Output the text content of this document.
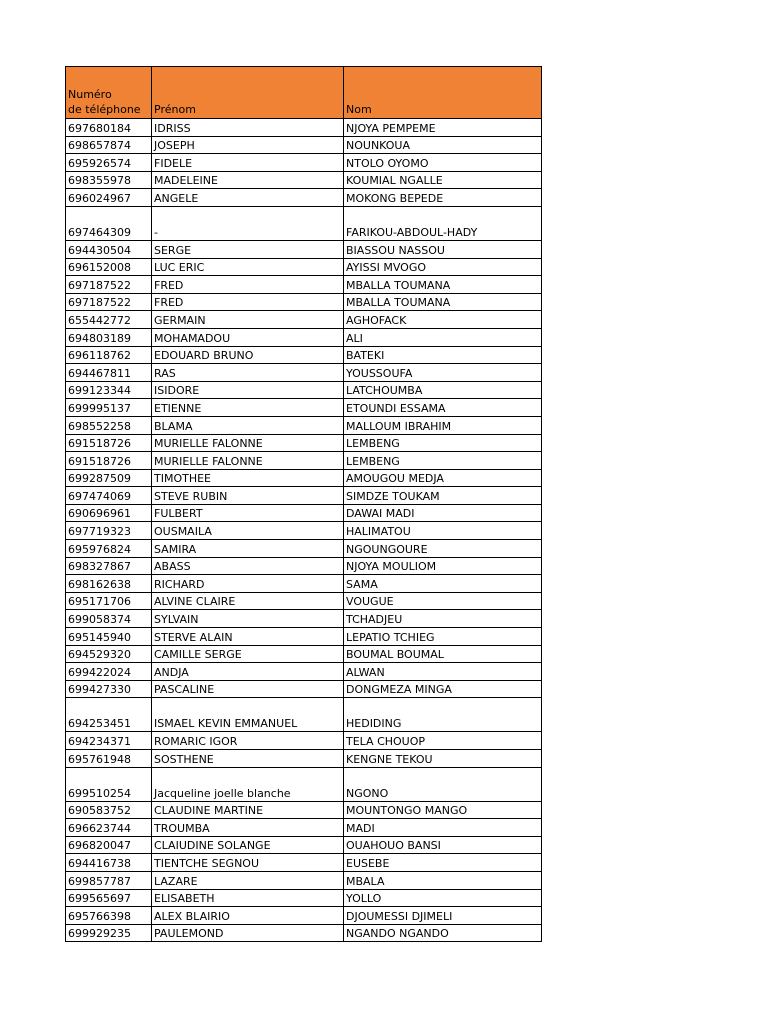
Numéro
de téléphone	Prénom	Nom
697680184	IDRISS	NJOYA PEMPEME
698657874	JOSEPH	NOUNKOUA
695926574	FIDELE	NTOLO OYOMO
698355978	MADELEINE	KOUMIAL NGALLE
696024967	ANGELE	MOKONG BEPEDE
697464309	-	FARIKOU-ABDOUL-HADY
694430504	SERGE	BIASSOU NASSOU
696152008	LUC ERIC	AYISSI MVOGO
697187522	FRED	MBALLA TOUMANA
697187522	FRED	MBALLA TOUMANA
655442772	GERMAIN	AGHOFACK
694803189	MOHAMADOU	ALI
696118762	EDOUARD BRUNO	BATEKI
694467811	RAS	YOUSSOUFA
699123344	ISIDORE	LATCHOUMBA
699995137	ETIENNE	ETOUNDI ESSAMA
698552258	BLAMA	MALLOUM IBRAHIM
691518726	MURIELLE FALONNE	LEMBENG
691518726	MURIELLE FALONNE	LEMBENG
699287509	TIMOTHEE	AMOUGOU MEDJA
697474069	STEVE RUBIN	SIMDZE TOUKAM
690696961	FULBERT	DAWAI MADI
697719323	OUSMAILA	HALIMATOU
695976824	SAMIRA	NGOUNGOURE
698327867	ABASS	NJOYA MOULIOM
698162638	RICHARD	SAMA
695171706	ALVINE CLAIRE	VOUGUE
699058374	SYLVAIN	TCHADJEU
695145940	STERVE ALAIN	LEPATIO TCHIEG
694529320	CAMILLE SERGE	BOUMAL BOUMAL
699422024	ANDJA	ALWAN
699427330	PASCALINE	DONGMEZA MINGA
694253451	ISMAEL KEVIN EMMANUEL	HEDIDING
694234371	ROMARIC IGOR	TELA CHOUOP
695761948	SOSTHENE	KENGNE TEKOU
699510254	Jacqueline joelle blanche	NGONO
690583752	CLAUDINE MARTINE	MOUNTONGO MANGO
696623744	TROUMBA	MADI
696820047	CLAIUDINE SOLANGE	OUAHOUO BANSI
694416738	TIENTCHE SEGNOU	EUSEBE
699857787	LAZARE	MBALA
699565697	ELISABETH	YOLLO
695766398	ALEX BLAIRIO	DJOUMESSI DJIMELI
699929235	PAULEMOND	NGANDO NGANDO
